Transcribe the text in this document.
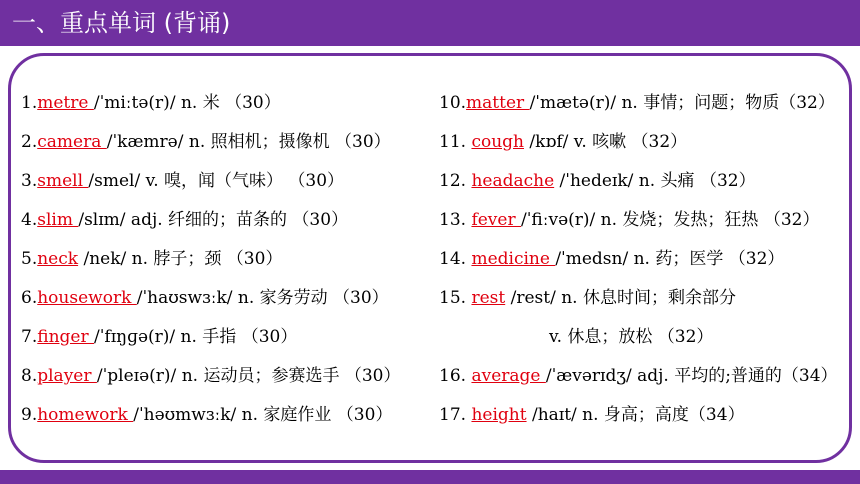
一、重点单词 (背诵)
1.metre /ˈmiːtə(r)/ n. 米 （30）
2.camera /ˈkæmrə/ n. 照相机；摄像机 （30）
3.smell /smel/ v. 嗅，闻（气味） （30）
4.slim /slɪm/ adj. 纤细的；苗条的 （30）
5.neck /nek/ n. 脖子；颈 （30）
6.housework /ˈhaʊswɜːk/ n. 家务劳动 （30）
7.finger /ˈfɪŋɡə(r)/ n. 手指 （30）
8.player /ˈpleɪə(r)/ n. 运动员；参赛选手 （30）
9.homework /ˈhəʊmwɜːk/ n. 家庭作业 （30）
10.matter /ˈmætə(r)/ n. 事情；问题；物质（32）
11. cough /kɒf/ v. 咳嗽 （32）
12. headache /ˈhedeɪk/ n. 头痛 （32）
13. fever /ˈfiːvə(r)/ n. 发烧；发热；狂热 （32）
14. medicine /ˈmedsn/ n. 药；医学 （32）
15. rest /rest/ n. 休息时间；剩余部分
v. 休息；放松 （32）
16. average /ˈævərɪdʒ/ adj. 平均的;普通的（34）
17. height /haɪt/ n. 身高；高度（34）
